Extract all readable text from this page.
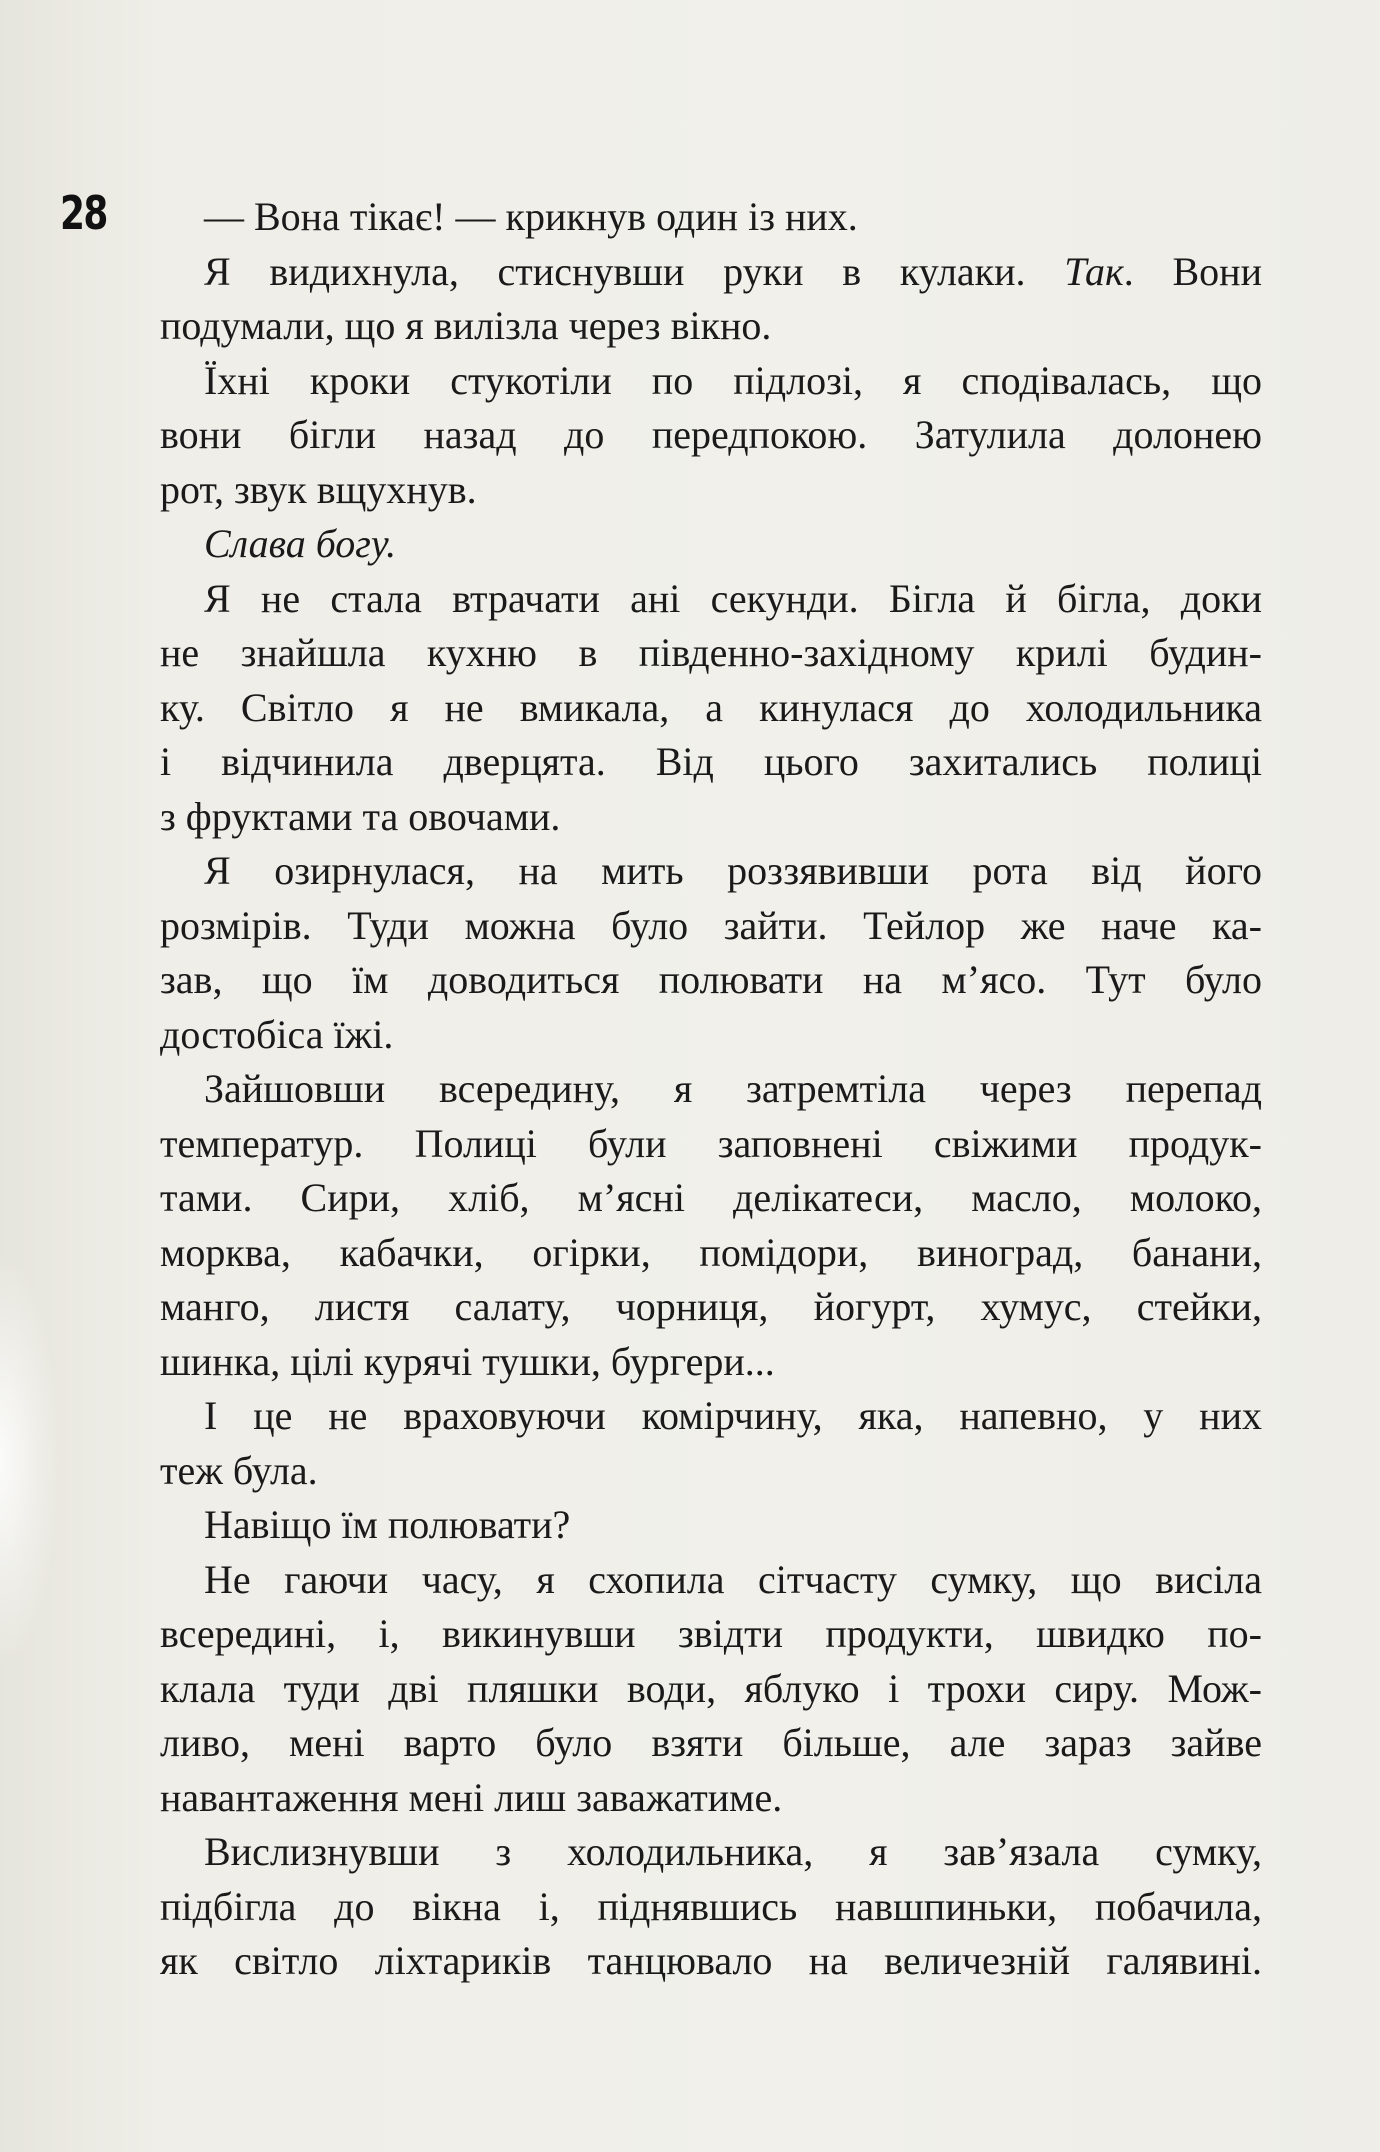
28	— Вона тікає! — крикнув один із них.
Я видихнула, стиснувши руки в кулаки. Так. Вони
подумали, що я вилізла через вікно.
Їхні кроки стукотіли по підлозі, я сподівалась, що
вони бігли назад до передпокою. Затулила долонею
рот, звук вщухнув.
Слава богу.
Я не стала втрачати ані секунди. Бігла й бігла, доки
не знайшла кухню в південно-західному крилі будин-
ку. Світло я не вмикала, а кинулася до холодильника
і відчинила дверцята. Від цього захитались полиці
з фруктами та овочами.
Я озирнулася, на мить роззявивши рота від його
розмірів. Туди можна було зайти. Тейлор же наче ка-
зав, що їм доводиться полювати на м’ясо. Тут було
достобіса їжі.
Зайшовши всередину, я затремтіла через перепад
температур. Полиці були заповнені свіжими продук-
тами. Сири, хліб, м’ясні делікатеси, масло, молоко,
морква, кабачки, огірки, помідори, виноград, банани,
манго, листя салату, чорниця, йогурт, хумус, стейки,
шинка, цілі курячі тушки, бургери...
І це не враховуючи комірчину, яка, напевно, у них
теж була.
Навіщо їм полювати?
Не гаючи часу, я схопила сітчасту сумку, що висіла
всередині, і, викинувши звідти продукти, швидко по-
клала туди дві пляшки води, яблуко і трохи сиру. Мож-
ливо, мені варто було взяти більше, але зараз зайве
навантаження мені лиш заважатиме.
Вислизнувши з холодильника, я зав’язала сумку,
підбігла до вікна і, піднявшись навшпиньки, побачила,
як світло ліхтариків танцювало на величезній галявині.
